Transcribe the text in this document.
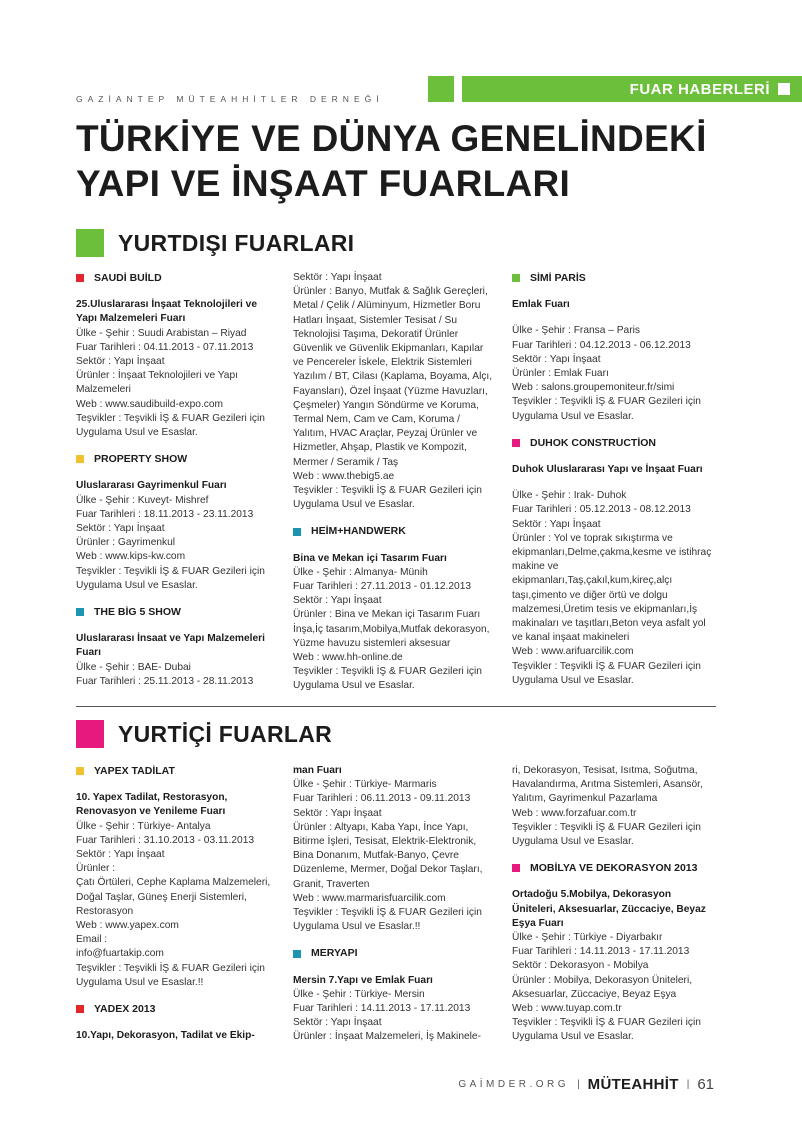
GAZİANTEP MÜTEAHHİTLER DERNEĞİ
FUAR HABERLERİ
TÜRKİYE VE DÜNYA GENELİNDEKİ
YAPI VE İNŞAAT FUARLARI
YURTDIŞI FUARLARI
SAUDİ BUİLD

25.Uluslararası İnşaat Teknolojileri ve Yapı Malzemeleri Fuarı

Ülke - Şehir : Suudi Arabistan – Riyad

Fuar Tarihleri : 04.11.2013 - 07.11.2013

Sektör : Yapı İnşaat

Ürünler : İnşaat Teknolojileri ve Yapı Malzemeleri

Web : www.saudibuild-expo.com

Teşvikler : Teşvikli İŞ & FUAR Gezileri için Uygulama Usul ve Esaslar.

PROPERTY SHOW

Uluslararası Gayrimenkul Fuarı

Ülke - Şehir : Kuveyt- Mishref

Fuar Tarihleri : 18.11.2013 - 23.11.2013

Sektör : Yapı İnşaat

Ürünler : Gayrimenkul

Web : www.kips-kw.com

Teşvikler : Teşvikli İŞ & FUAR Gezileri için Uygulama Usul ve Esaslar.

THE BİG 5 SHOW

Uluslararası İnsaat ve Yapı Malzemeleri Fuarı

Ülke - Şehir : BAE- Dubai

Fuar Tarihleri : 25.11.2013 - 28.11.2013

Sektör : Yapı İnşaat

Ürünler : Banyo, Mutfak & Sağlık Gereçleri, Metal / Çelik / Alüminyum, Hizmetler Boru Hatları İnşaat, Sistemler Tesisat / Su Teknolojisi Taşıma, Dekoratif Ürünler Güvenlik ve Güvenlik Ekipmanları, Kapılar ve Pencereler İskele, Elektrik Sistemleri Yazılım / BT, Cilası (Kaplama, Boyama, Alçı, Fayansları), Özel İnşaat (Yüzme Havuzları, Çeşmeler) Yangın Söndürme ve Koruma, Termal Nem, Cam ve Cam, Koruma / Yalıtım, HVAC Araçlar, Peyzaj Ürünler ve Hizmetler, Ahşap, Plastik ve Kompozit, Mermer / Seramik / Taş

Web : www.thebig5.ae

Teşvikler : Teşvikli İŞ & FUAR Gezileri için Uygulama Usul ve Esaslar.

HEİM+HANDWERK

Bina ve Mekan içi Tasarım Fuarı

Ülke - Şehir : Almanya- Münih

Fuar Tarihleri : 27.11.2013 - 01.12.2013

Sektör : Yapı İnşaat

Ürünler : Bina ve Mekan içi Tasarım Fuarı İnşa,İç tasarım,Mobilya,Mutfak dekorasyon, Yüzme havuzu sistemleri aksesuar

Web : www.hh-online.de

Teşvikler : Teşvikli İŞ & FUAR Gezileri için Uygulama Usul ve Esaslar.

SİMİ PARİS

Emlak Fuarı

Ülke - Şehir : Fransa – Paris

Fuar Tarihleri : 04.12.2013 - 06.12.2013

Sektör : Yapı İnşaat

Ürünler : Emlak Fuarı

Web : salons.groupemoniteur.fr/simi

Teşvikler : Teşvikli İŞ & FUAR Gezileri için Uygulama Usul ve Esaslar.

DUHOK CONSTRUCTİON

Duhok Uluslararası Yapı ve İnşaat Fuarı

Ülke - Şehir : Irak- Duhok

Fuar Tarihleri : 05.12.2013 - 08.12.2013

Sektör : Yapı İnşaat

Ürünler : Yol ve toprak sıkıştırma ve ekipmanları,Delme,çakma,kesme ve istihraç makine ve ekipmanları,Taş,çakıl,kum,kireç,alçı taşı,çimento ve diğer örtü ve dolgu malzemesi,Üretim tesis ve ekipmanları,İş makinaları ve taşıtları,Beton veya asfalt yol ve kanal inşaat makineleri

Web : www.arifuarcilik.com

Teşvikler : Teşvikli İŞ & FUAR Gezileri için Uygulama Usul ve Esaslar.

YURTİÇİ FUARLAR
YAPEX TADİLAT

10. Yapex Tadilat, Restorasyon, Renovasyon ve Yenileme Fuarı

Ülke - Şehir : Türkiye- Antalya

Fuar Tarihleri : 31.10.2013 - 03.11.2013

Sektör : Yapı İnşaat

Ürünler :

Çatı Örtüleri, Cephe Kaplama Malzemeleri, Doğal Taşlar, Güneş Enerji Sistemleri, Restorasyon

Web : www.yapex.com

Email :

info@fuartakip.com

Teşvikler : Teşvikli İŞ & FUAR Gezileri için Uygulama Usul ve Esaslar.!!

YADEX 2013

10.Yapı, Dekorasyon, Tadilat ve Ekip-

man Fuarı

Ülke - Şehir : Türkiye- Marmaris

Fuar Tarihleri : 06.11.2013 - 09.11.2013

Sektör : Yapı İnşaat

Ürünler : Altyapı, Kaba Yapı, İnce Yapı, Bitirme İşleri, Tesisat, Elektrik-Elektronik, Bina Donanım, Mutfak-Banyo, Çevre Düzenleme, Mermer, Doğal Dekor Taşları, Granit, Traverten

Web : www.marmarisfuarcilik.com

Teşvikler : Teşvikli İŞ & FUAR Gezileri için Uygulama Usul ve Esaslar.!!

MERYAPI

Mersin 7.Yapı ve Emlak Fuarı

Ülke - Şehir : Türkiye- Mersin

Fuar Tarihleri : 14.11.2013 - 17.11.2013

Sektör : Yapı İnşaat

Ürünler : İnşaat Malzemeleri, İş Makinele-

ri, Dekorasyon, Tesisat, Isıtma, Soğutma, Havalandırma, Arıtma Sistemleri, Asansör, Yalıtım, Gayrimenkul Pazarlama

Web : www.forzafuar.com.tr

Teşvikler : Teşvikli İŞ & FUAR Gezileri için Uygulama Usul ve Esaslar.

MOBİLYA VE DEKORASYON 2013

Ortadoğu 5.Mobilya, Dekorasyon Üniteleri, Aksesuarlar, Züccaciye, Beyaz Eşya Fuarı

Ülke - Şehir : Türkiye - Diyarbakır

Fuar Tarihleri : 14.11.2013 - 17.11.2013

Sektör : Dekorasyon - Mobilya

Ürünler : Mobilya, Dekorasyon Üniteleri, Aksesuarlar, Züccaciye, Beyaz Eşya

Web : www.tuyap.com.tr

Teşvikler : Teşvikli İŞ & FUAR Gezileri için Uygulama Usul ve Esaslar.

GAİMDER.ORG | MÜTEAHHİT | 61
